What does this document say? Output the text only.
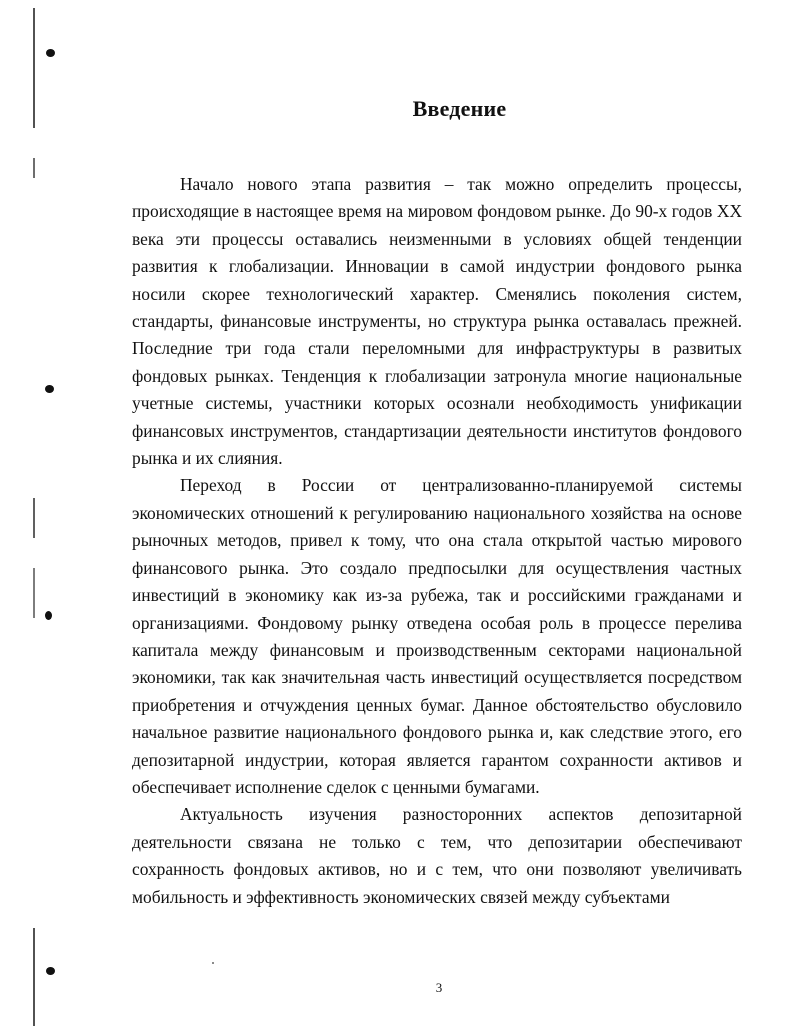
Введение

Начало нового этапа развития – так можно определить процессы, происходящие в настоящее время на мировом фондовом рынке. До 90-х годов XX века эти процессы оставались неизменными в условиях общей тенденции развития к глобализации. Инновации в самой индустрии фондового рынка носили скорее технологический характер. Сменялись поколения систем, стандарты, финансовые инструменты, но структура рынка оставалась прежней. Последние три года стали переломными для инфраструктуры в развитых фондовых рынках. Тенденция к глобализации затронула многие национальные учетные системы, участники которых осознали необходимость унификации финансовых инструментов, стандартизации деятельности институтов фондового рынка и их слияния.

Переход в России от централизованно-планируемой системы экономических отношений к регулированию национального хозяйства на основе рыночных методов, привел к тому, что она стала открытой частью мирового финансового рынка. Это создало предпосылки для осуществления частных инвестиций в экономику как из-за рубежа, так и российскими гражданами и организациями. Фондовому рынку отведена особая роль в процессе перелива капитала между финансовым и производственным секторами национальной экономики, так как значительная часть инвестиций осуществляется посредством приобретения и отчуждения ценных бумаг. Данное обстоятельство обусловило начальное развитие национального фондового рынка и, как следствие этого, его депозитарной индустрии, которая является гарантом сохранности активов и обеспечивает исполнение сделок с ценными бумагами.

Актуальность изучения разносторонних аспектов депозитарной деятельности связана не только с тем, что депозитарии обеспечивают сохранность фондовых активов, но и с тем, что они позволяют увеличивать мобильность и эффективность экономических связей между субъектами

3
